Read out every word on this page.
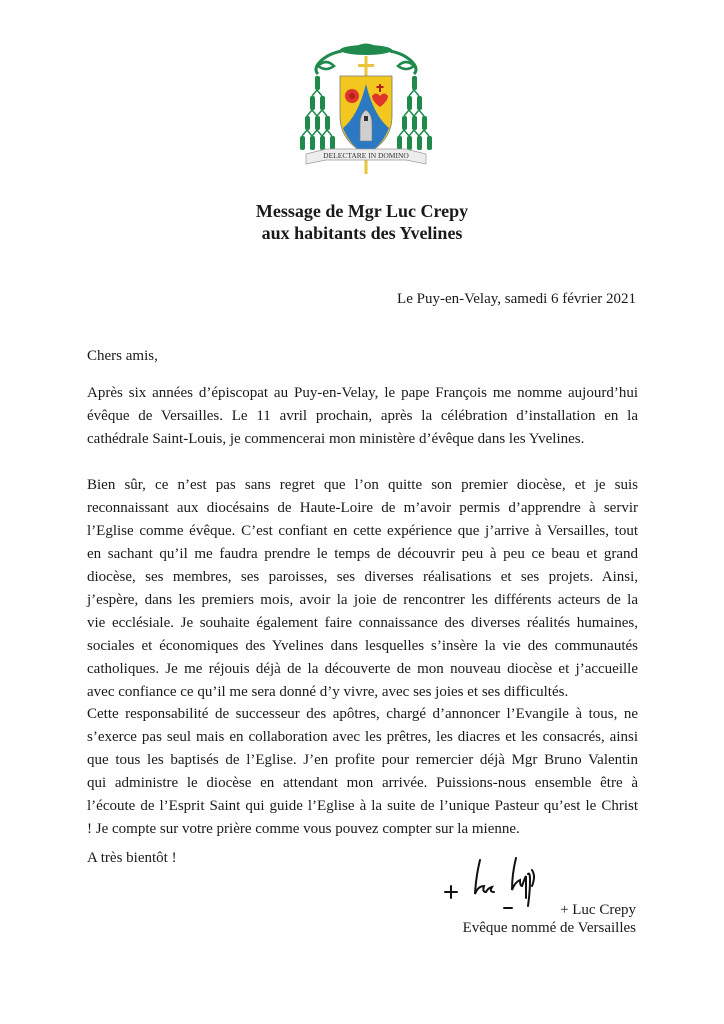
DELECTARE IN DOMINO
Message de Mgr Luc Crepy
aux habitants des Yvelines
Le Puy-en-Velay, samedi 6 février 2021
Chers amis,
Après six années d’épiscopat au Puy-en-Velay, le pape François me nomme aujourd’hui
évêque de Versailles. Le 11 avril prochain, après la célébration d’installation en la
cathédrale Saint-Louis, je commencerai mon ministère d’évêque dans les Yvelines.
Bien sûr, ce n’est pas sans regret que l’on quitte son premier diocèse, et je suis
reconnaissant aux diocésains de Haute-Loire de m’avoir permis d’apprendre à servir
l’Eglise comme évêque. C’est confiant en cette expérience que j’arrive à Versailles, tout
en sachant qu’il me faudra prendre le temps de découvrir peu à peu ce beau et grand
diocèse, ses membres, ses paroisses, ses diverses réalisations et ses projets. Ainsi,
j’espère, dans les premiers mois, avoir la joie de rencontrer les différents acteurs de la
vie ecclésiale. Je souhaite également faire connaissance des diverses réalités humaines,
sociales et économiques des Yvelines dans lesquelles s’insère la vie des communautés
catholiques. Je me réjouis déjà de la découverte de mon nouveau diocèse et j’accueille
avec confiance ce qu’il me sera donné d’y vivre, avec ses joies et ses difficultés.
Cette responsabilité de successeur des apôtres, chargé d’annoncer l’Evangile à tous, ne
s’exerce pas seul mais en collaboration avec les prêtres, les diacres et les consacrés, ainsi
que tous les baptisés de l’Eglise. J’en profite pour remercier déjà Mgr Bruno Valentin
qui administre le diocèse en attendant mon arrivée. Puissions-nous ensemble être à
l’écoute de l’Esprit Saint qui guide l’Eglise à la suite de l’unique Pasteur qu’est le Christ
! Je compte sur votre prière comme vous pouvez compter sur la mienne.
A très bientôt !
+ Luc Crepy
Evêque nommé de Versailles
